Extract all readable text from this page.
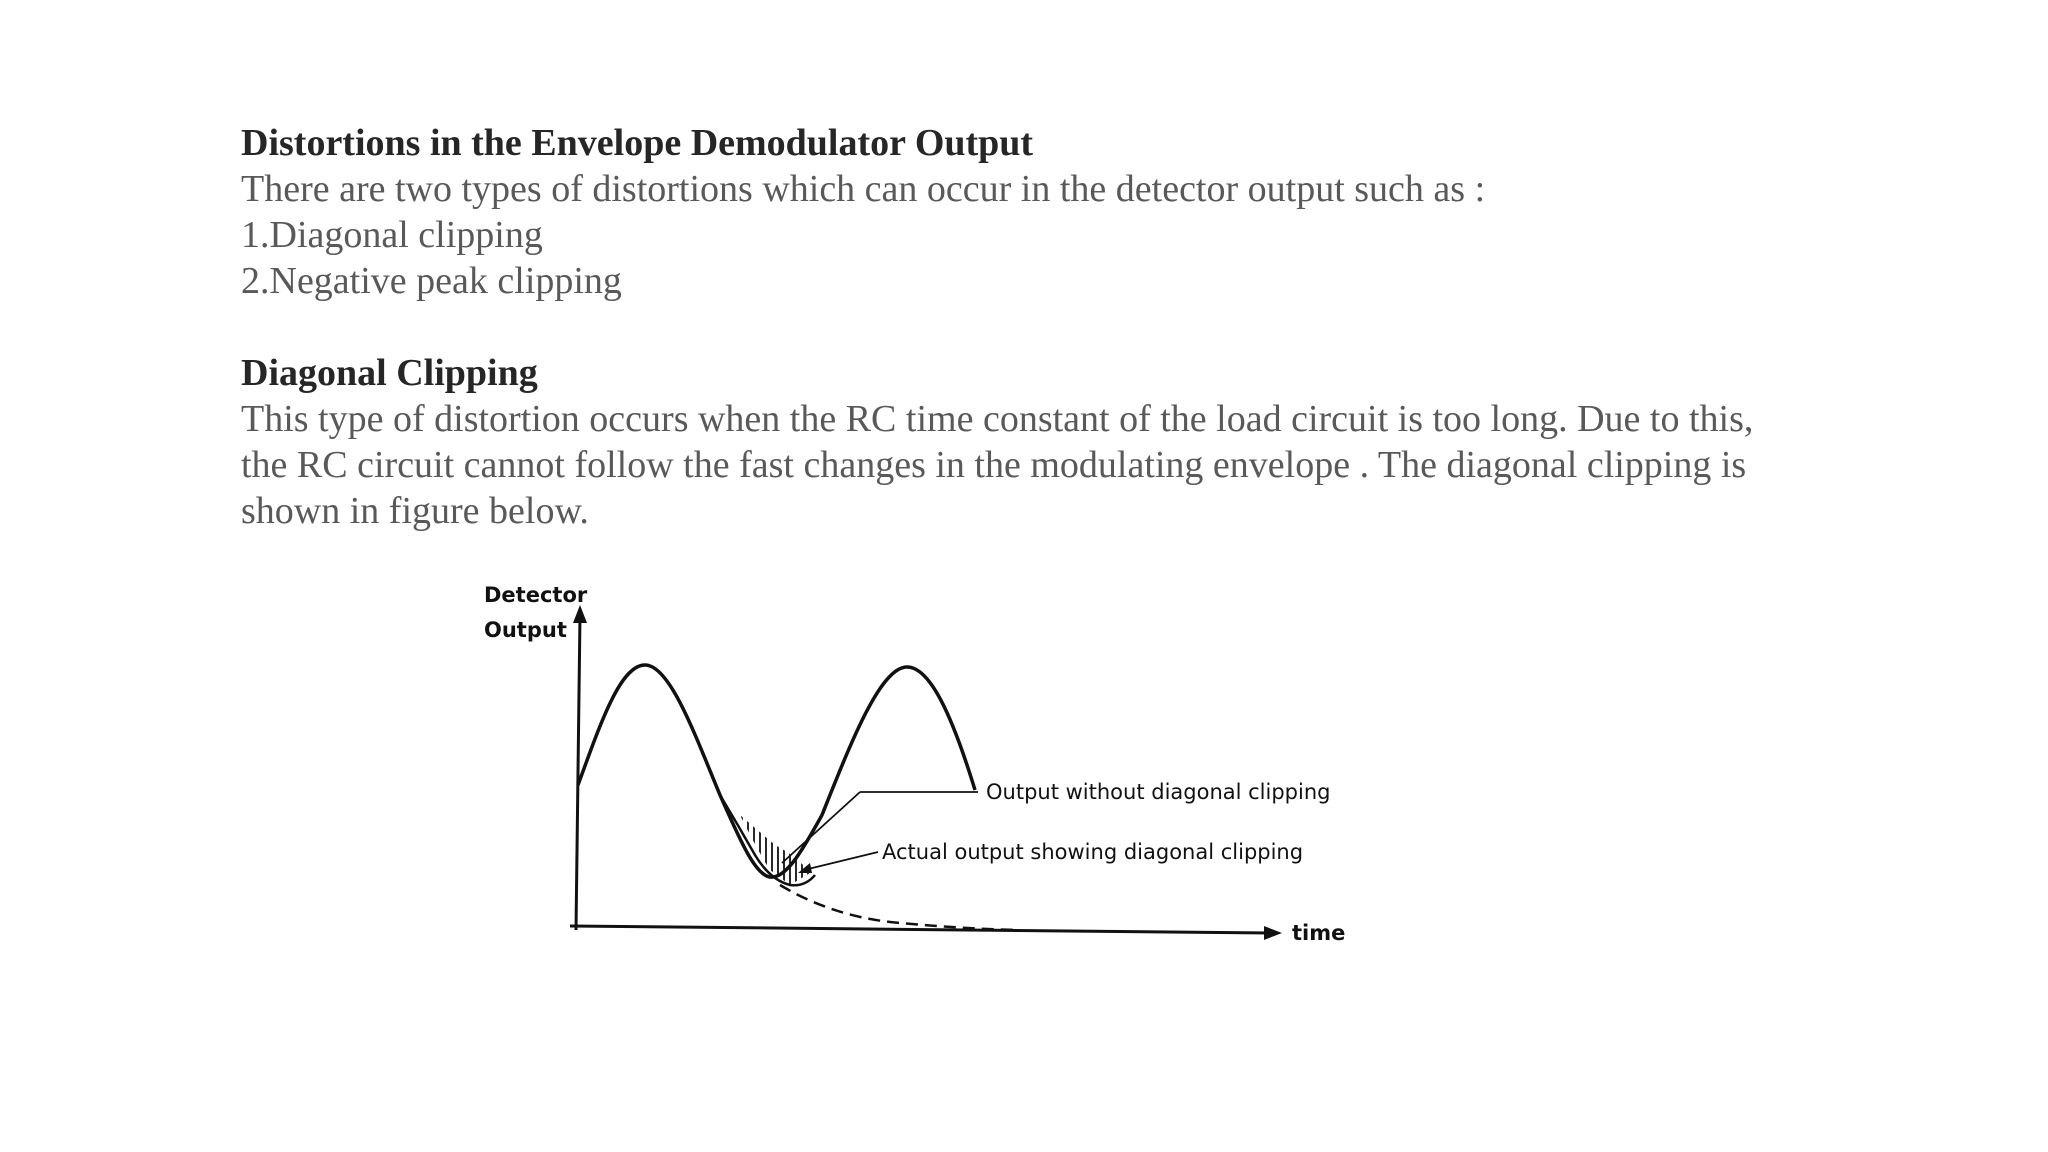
Distortions in the Envelope Demodulator Output

There are two types of distortions which can occur in the detector output such as :

1.Diagonal clipping

2.Negative peak clipping

Diagonal Clipping

This type of distortion occurs when the RC time constant of the load circuit is too long. Due to this,

the RC circuit cannot follow the fast changes in the modulating envelope . The diagonal clipping is

shown in figure below.

Detector
Output
time
Output without diagonal clipping
Actual output showing diagonal clipping
